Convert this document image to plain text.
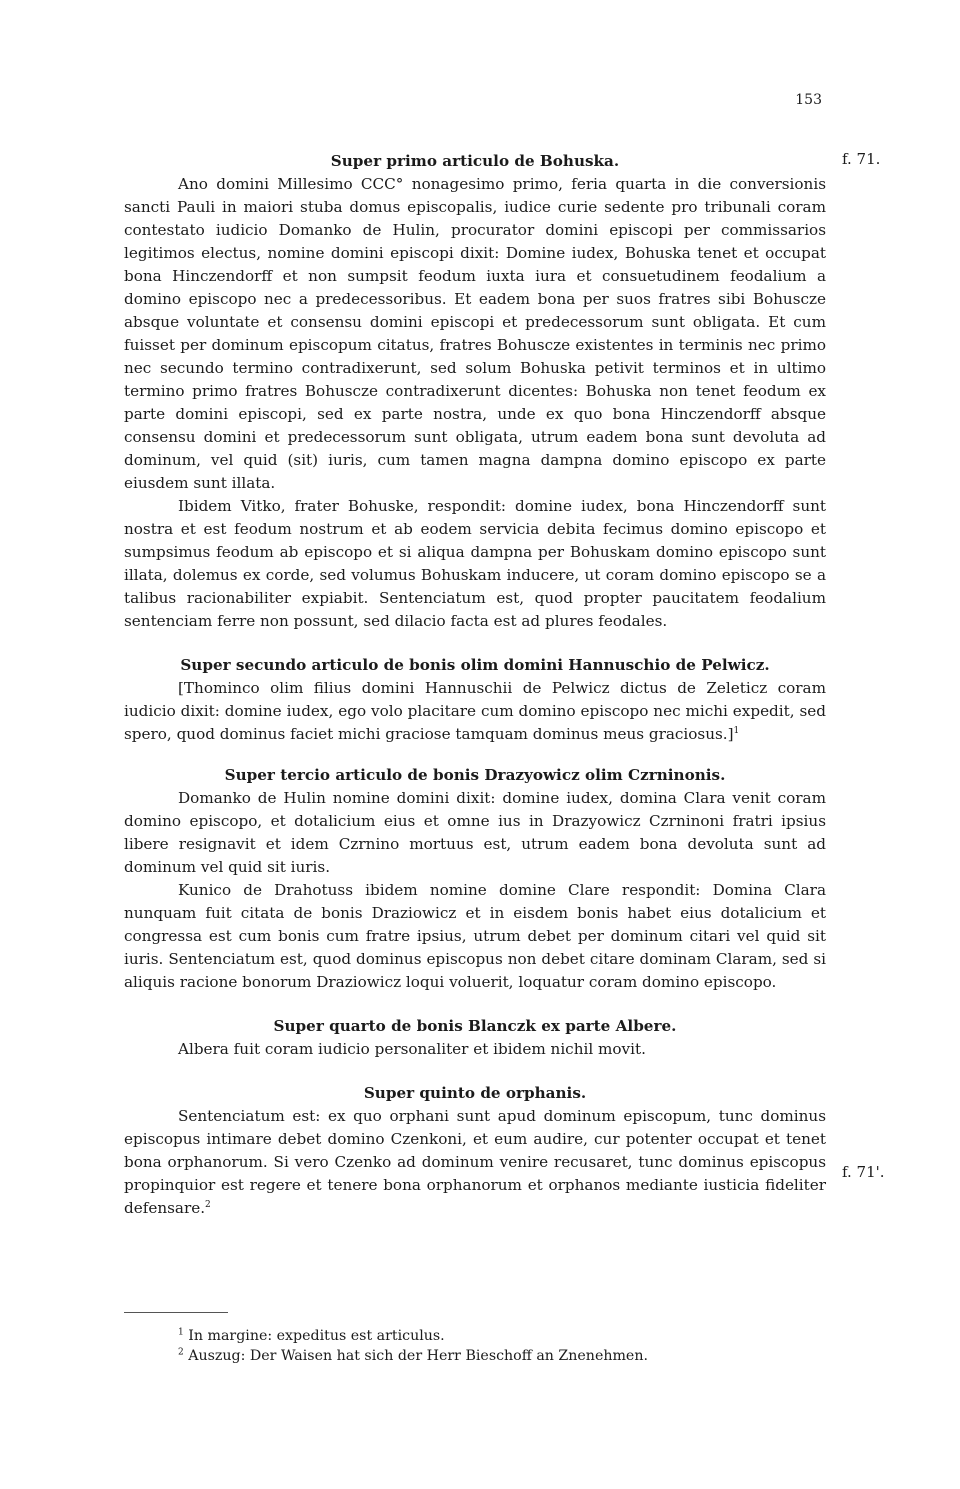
153
f. 71.
f. 71'.
Super primo articulo de Bohuska.

Ano domini Millesimo CCC° nonagesimo primo, feria quarta in die conversionis sancti Pauli in maiori stuba domus episcopalis, iudice curie sedente pro tribunali coram contestato iudicio Domanko de Hulin, procurator domini episcopi per commissarios legitimos electus, nomine domini episcopi dixit: Domine iudex, Bohuska tenet et occupat bona Hinczendorff et non sumpsit feodum iuxta iura et consuetudinem feodalium a domino episcopo nec a predecessoribus. Et eadem bona per suos fratres sibi Bohuscze absque voluntate et consensu domini episcopi et predecessorum sunt obligata. Et cum fuisset per dominum episcopum citatus, fratres Bohuscze existentes in terminis nec primo nec secundo termino contradixerunt, sed solum Bohuska petivit terminos et in ultimo termino primo fratres Bohuscze contradixerunt dicentes: Bohuska non tenet feodum ex parte domini episcopi, sed ex parte nostra, unde ex quo bona Hinczendorff absque consensu domini et predecessorum sunt obligata, utrum eadem bona sunt devoluta ad dominum, vel quid (sit) iuris, cum tamen magna dampna domino episcopo ex parte eiusdem sunt illata.

Ibidem Vitko, frater Bohuske, respondit: domine iudex, bona Hinczendorff sunt nostra et est feodum nostrum et ab eodem servicia debita fecimus domino episcopo et sumpsimus feodum ab episcopo et si aliqua dampna per Bohuskam domino episcopo sunt illata, dolemus ex corde, sed volumus Bohuskam inducere, ut coram domino episcopo se a talibus racionabiliter expiabit. Sentenciatum est, quod propter paucitatem feodalium sentenciam ferre non possunt, sed dilacio facta est ad plures feodales.

Super secundo articulo de bonis olim domini Hannuschio de Pelwicz.

[Thominco olim filius domini Hannuschii de Pelwicz dictus de Zeleticz coram iudicio dixit: domine iudex, ego volo placitare cum domino episcopo nec michi expedit, sed spero, quod dominus faciet michi graciose tamquam dominus meus graciosus.]$^1$

Super tercio articulo de bonis Drazyowicz olim Czrninonis.

Domanko de Hulin nomine domini dixit: domine iudex, domina Clara venit coram domino episcopo, et dotalicium eius et omne ius in Drazyowicz Czrninoni fratri ipsius libere resignavit et idem Czrnino mortuus est, utrum eadem bona devoluta sunt ad dominum vel quid sit iuris.

Kunico de Drahotuss ibidem nomine domine Clare respondit: Domina Clara nunquam fuit citata de bonis Draziowicz et in eisdem bonis habet eius dotalicium et congressa est cum bonis cum fratre ipsius, utrum debet per dominum citari vel quid sit iuris. Sentenciatum est, quod dominus episcopus non debet citare dominam Claram, sed si aliquis racione bonorum Draziowicz loqui voluerit, loquatur coram domino episcopo.

Super quarto de bonis Blanczk ex parte Albere.

Albera fuit coram iudicio personaliter et ibidem nichil movit.

Super quinto de orphanis.

Sentenciatum est: ex quo orphani sunt apud dominum episcopum, tunc dominus episcopus intimare debet domino Czenkoni, et eum audire, cur potenter occupat et tenet bona orphanorum. Si vero Czenko ad dominum venire recusaret, tunc dominus episcopus propinquior est regere et tenere bona orphanorum et orphanos mediante iusticia fideliter defensare.$^2$

$^1$ In margine: expeditus est articulus.
$^2$ Auszug: Der Waisen hat sich der Herr Bieschoff an Znenehmen.
